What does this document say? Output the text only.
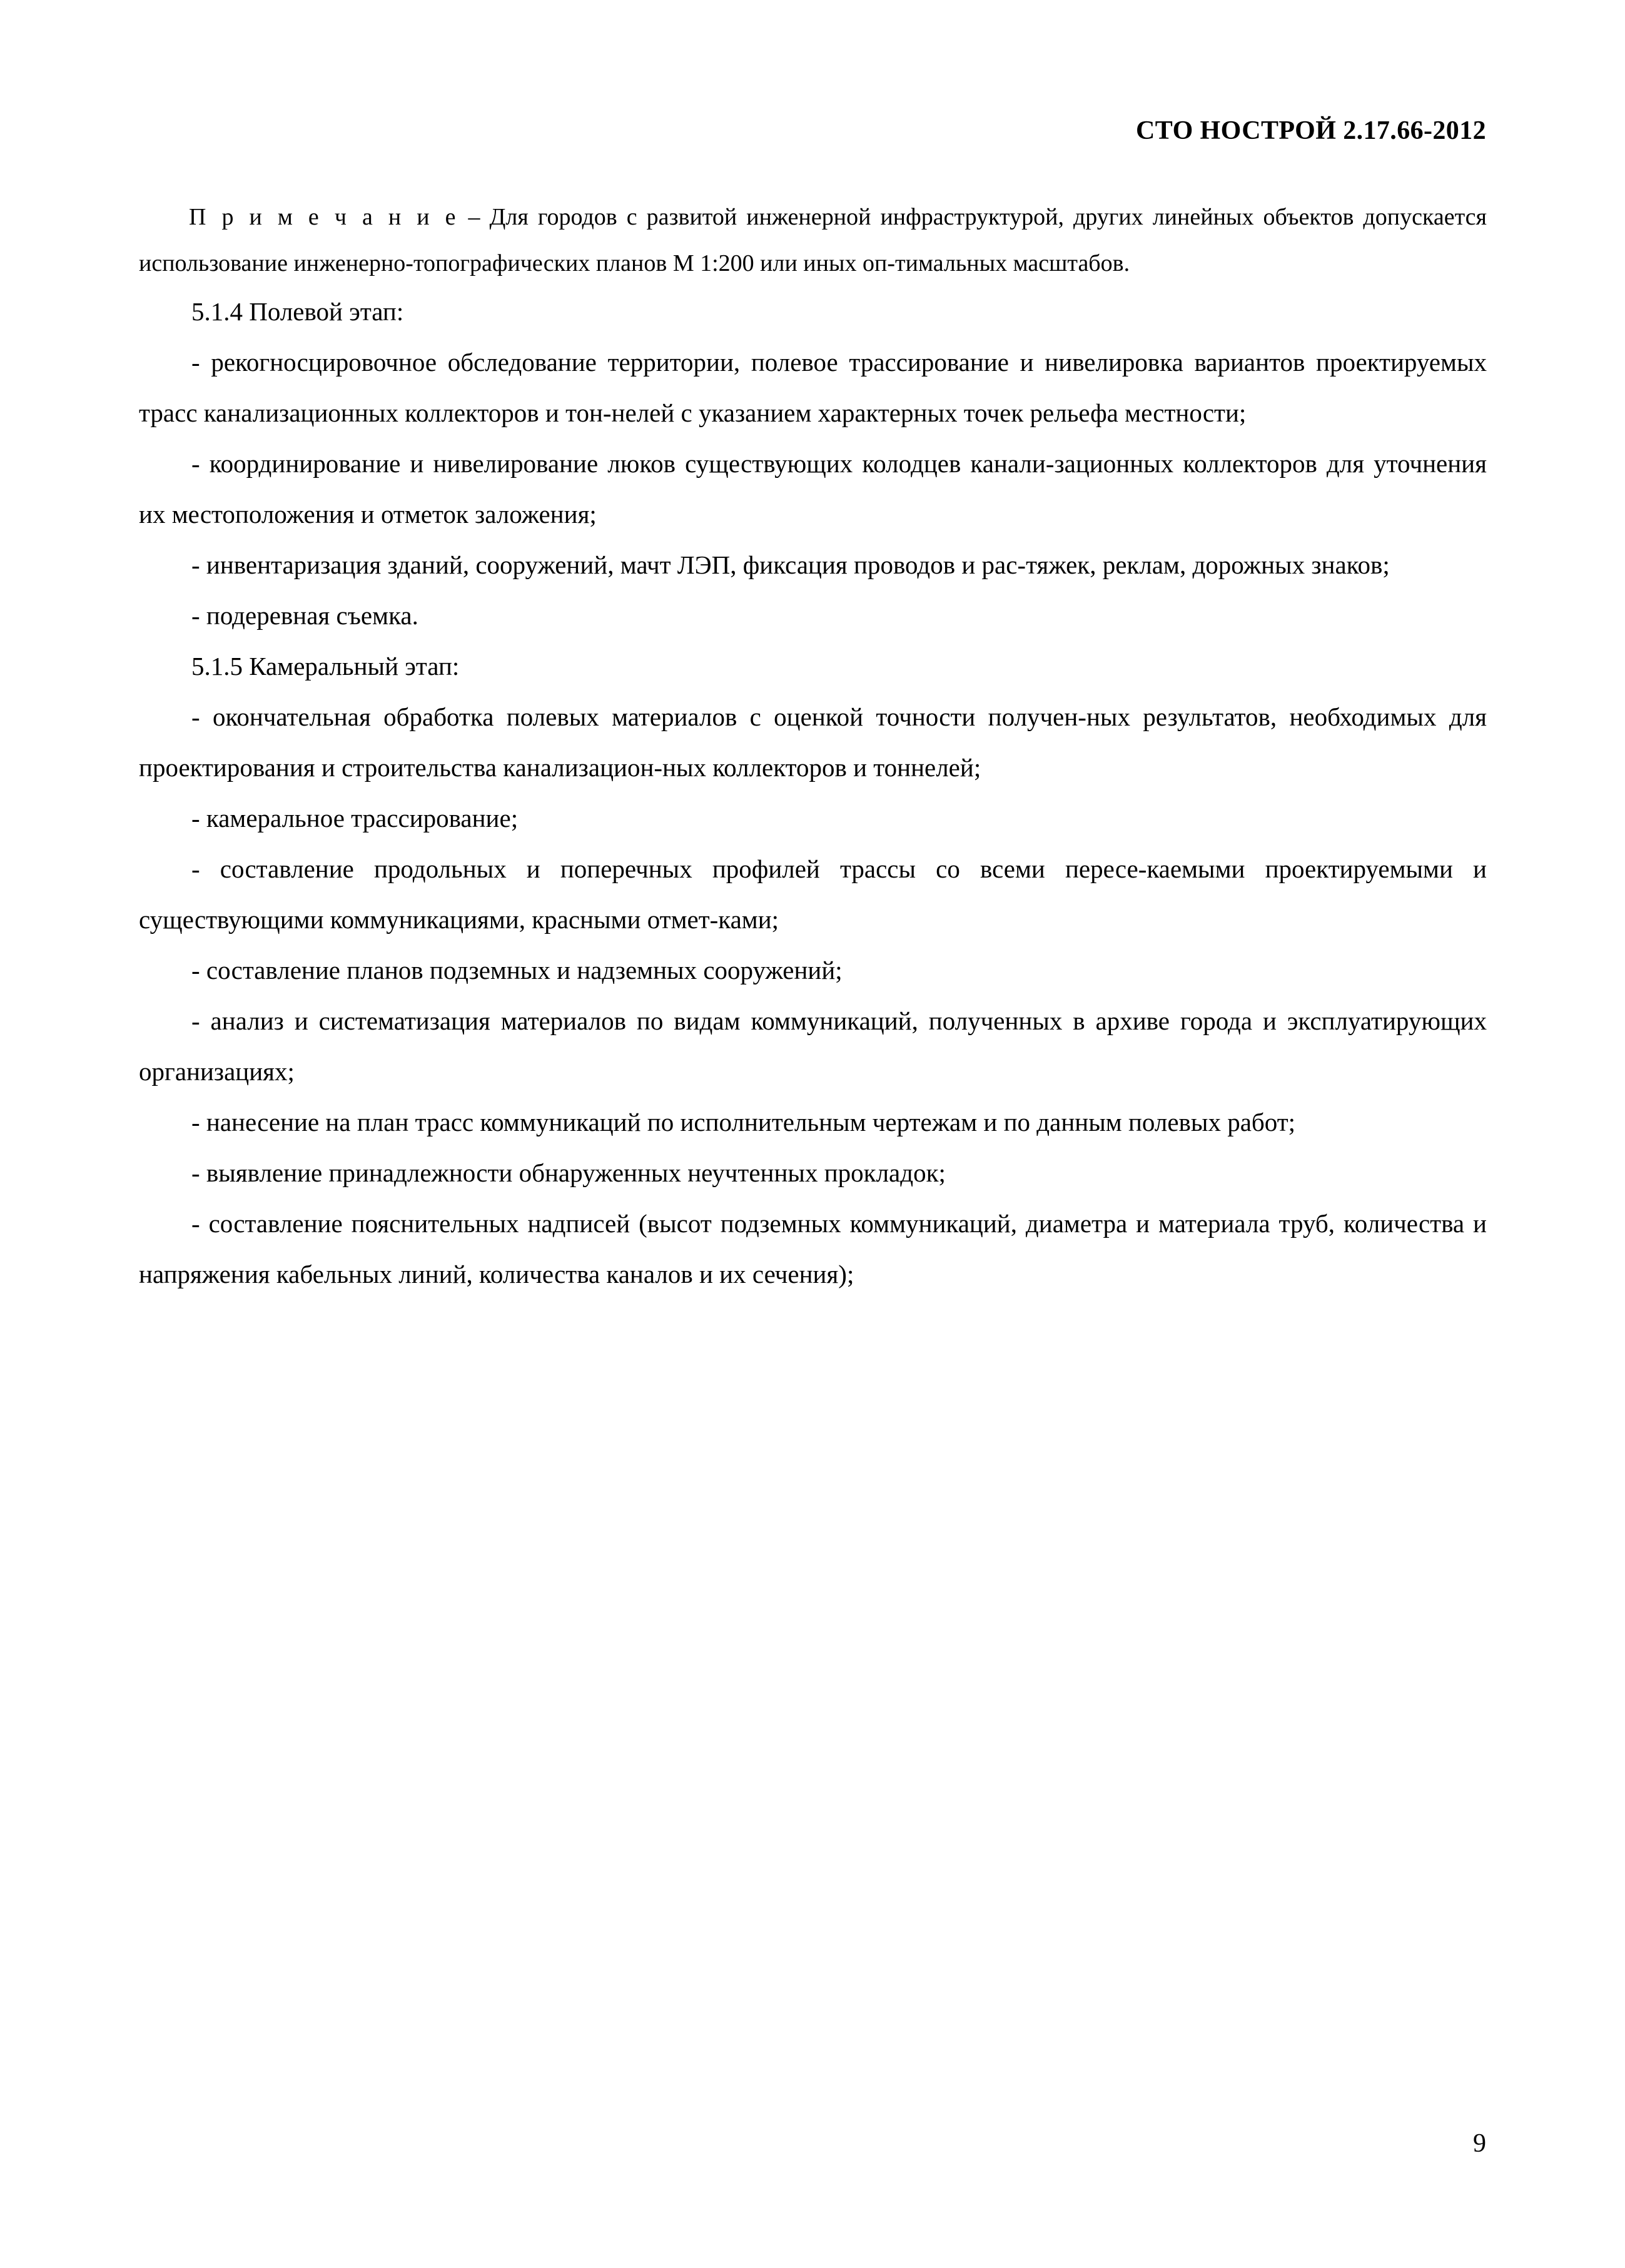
СТО НОСТРОЙ 2.17.66-2012

П р и м е ч а н и е – Для городов с развитой инженерной инфраструктурой, других линейных объектов допускается использование инженерно-топографических планов М 1:200 или иных оп-тимальных масштабов.

5.1.4 Полевой этап:

- рекогносцировочное обследование территории, полевое трассирование и нивелировка вариантов проектируемых трасс канализационных коллекторов и тон-нелей с указанием характерных точек рельефа местности;

- координирование и нивелирование люков существующих колодцев канали-зационных коллекторов для уточнения их местоположения и отметок заложения;

- инвентаризация зданий, сооружений, мачт ЛЭП, фиксация проводов и рас-тяжек, реклам, дорожных знаков;

- подеревная съемка.

5.1.5 Камеральный этап:

- окончательная обработка полевых материалов с оценкой точности получен-ных результатов, необходимых для проектирования и строительства канализацион-ных коллекторов и тоннелей;

- камеральное трассирование;

- составление продольных и поперечных профилей трассы со всеми пересе-каемыми проектируемыми и существующими коммуникациями, красными отмет-ками;

- составление планов подземных и надземных сооружений;

- анализ и систематизация материалов по видам коммуникаций, полученных в архиве города и эксплуатирующих организациях;

- нанесение на план трасс коммуникаций по исполнительным чертежам и по данным полевых работ;

- выявление принадлежности обнаруженных неучтенных прокладок;

- составление пояснительных надписей (высот подземных коммуникаций, диаметра и материала труб, количества и напряжения кабельных линий, количества каналов и их сечения);

9
